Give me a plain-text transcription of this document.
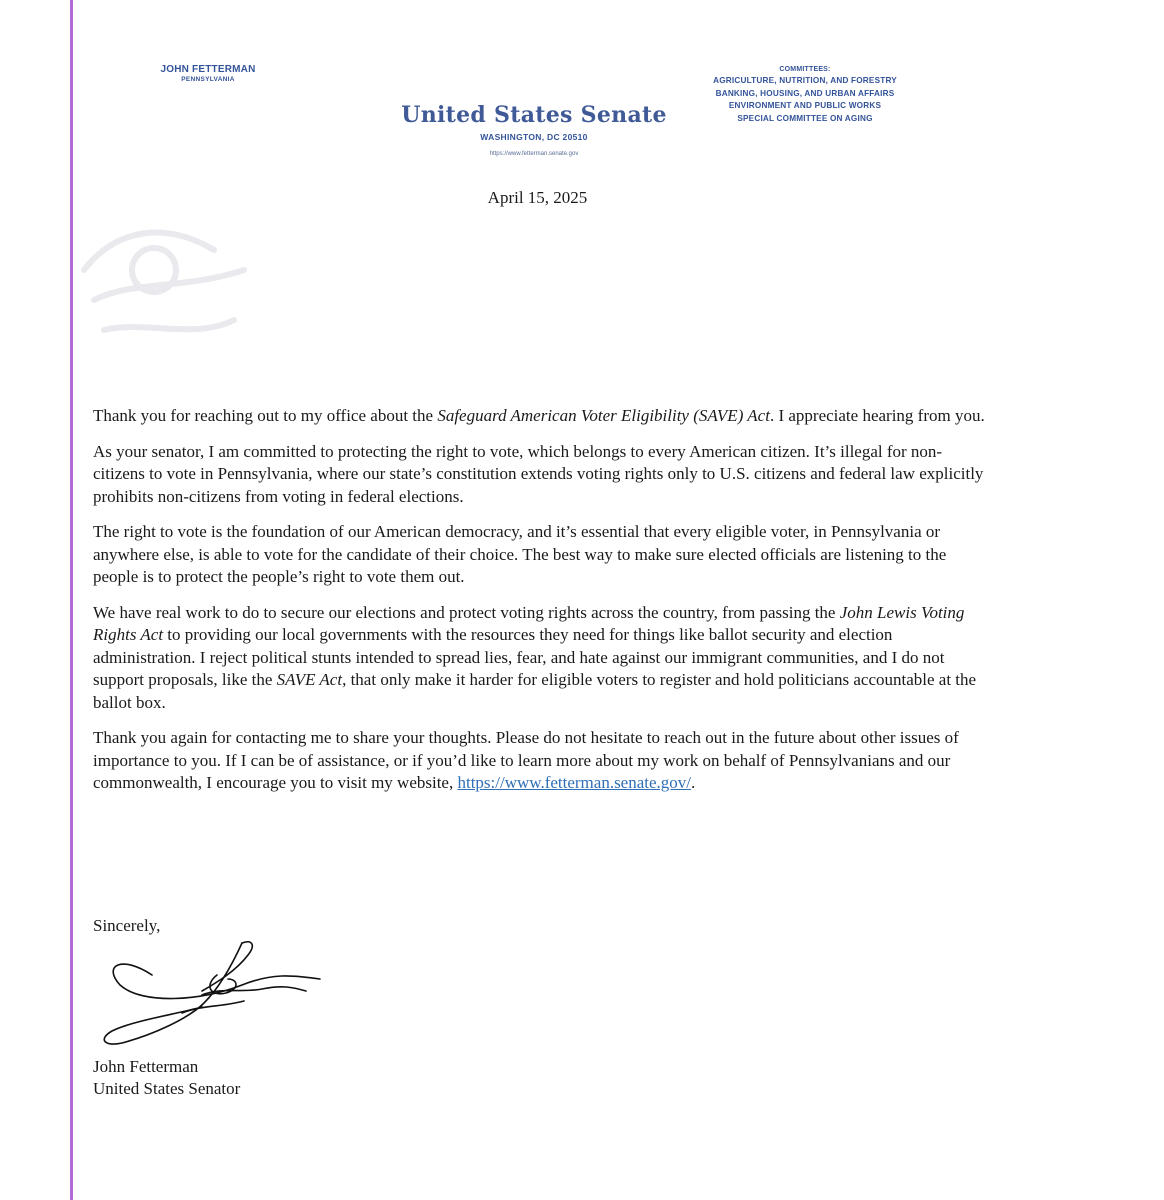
JOHN FETTERMAN
PENNSYLVANIA
United States Senate
WASHINGTON, DC 20510
https://www.fetterman.senate.gov
COMMITTEES:
AGRICULTURE, NUTRITION, AND FORESTRY
BANKING, HOUSING, AND URBAN AFFAIRS
ENVIRONMENT AND PUBLIC WORKS
SPECIAL COMMITTEE ON AGING
April 15, 2025

Thank you for reaching out to my office about the Safeguard American Voter Eligibility (SAVE) Act. I appreciate hearing from you.

As your senator, I am committed to protecting the right to vote, which belongs to every American citizen. It’s illegal for non-citizens to vote in Pennsylvania, where our state’s constitution extends voting rights only to U.S. citizens and federal law explicitly prohibits non-citizens from voting in federal elections.

The right to vote is the foundation of our American democracy, and it’s essential that every eligible voter, in Pennsylvania or anywhere else, is able to vote for the candidate of their choice. The best way to make sure elected officials are listening to the people is to protect the people’s right to vote them out.

We have real work to do to secure our elections and protect voting rights across the country, from passing the John Lewis Voting Rights Act to providing our local governments with the resources they need for things like ballot security and election administration. I reject political stunts intended to spread lies, fear, and hate against our immigrant communities, and I do not support proposals, like the SAVE Act, that only make it harder for eligible voters to register and hold politicians accountable at the ballot box.

Thank you again for contacting me to share your thoughts. Please do not hesitate to reach out in the future about other issues of importance to you. If I can be of assistance, or if you’d like to learn more about my work on behalf of Pennsylvanians and our commonwealth, I encourage you to visit my website, https://www.fetterman.senate.gov/.

Sincerely,
John Fetterman
United States Senator
